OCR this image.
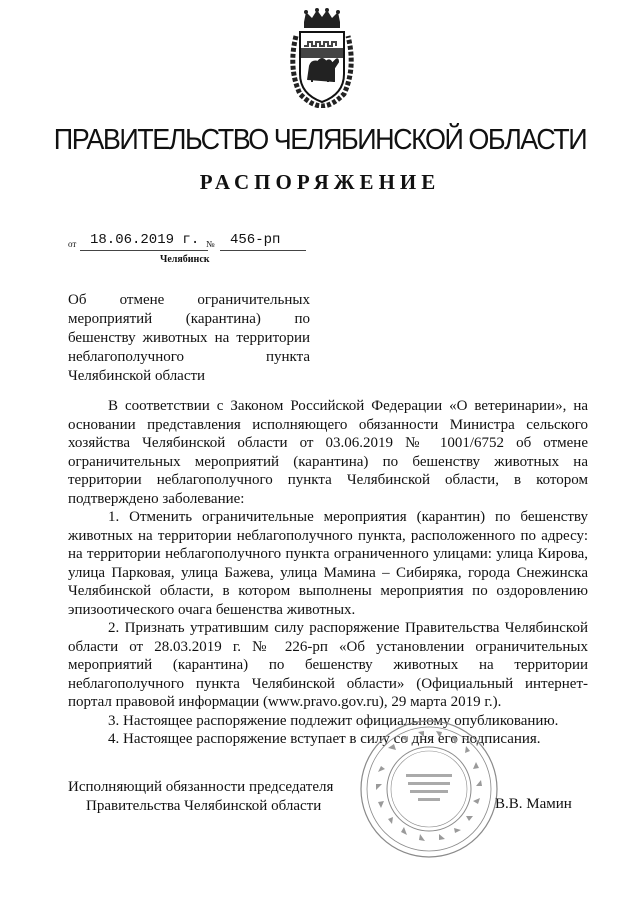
ПРАВИТЕЛЬСТВО ЧЕЛЯБИНСКОЙ ОБЛАСТИ
РАСПОРЯЖЕНИЕ
от 18.06.2019 г. №	456-рп
Челябинск
Об отмене ограничительных мероприятий (карантина) по бешенству животных на территории неблагополучного пункта Челябинской области

В соответствии с Законом Российской Федерации «О ветеринарии», на основании представления исполняющего обязанности Министра сельского хозяйства Челябинской области от 03.06.2019 № 1001/6752 об отмене ограничительных мероприятий (карантина) по бешенству животных на территории неблагополучного пункта Челябинской области, в котором подтверждено заболевание:

1. Отменить ограничительные мероприятия (карантин) по бешенству животных на территории неблагополучного пункта, расположенного по адресу: на территории неблагополучного пункта ограниченного улицами: улица Кирова, улица Парковая, улица Бажева, улица Мамина – Сибиряка, города Снежинска Челябинской области, в котором выполнены мероприятия по оздоровлению эпизоотического очага бешенства животных.

2. Признать утратившим силу распоряжение Правительства Челябинской области от 28.03.2019 г. № 226-рп «Об установлении ограничительных мероприятий (карантина) по бешенству животных на территории неблагополучного пункта Челябинской области» (Официальный интернет-портал правовой информации (www.pravo.gov.ru), 29 марта 2019 г.).

3. Настоящее распоряжение подлежит официальному опубликованию.

4. Настоящее распоряжение вступает в силу со дня его подписания.

Исполняющий обязанности председателя
Правительства Челябинской области	В.В. Мамин
